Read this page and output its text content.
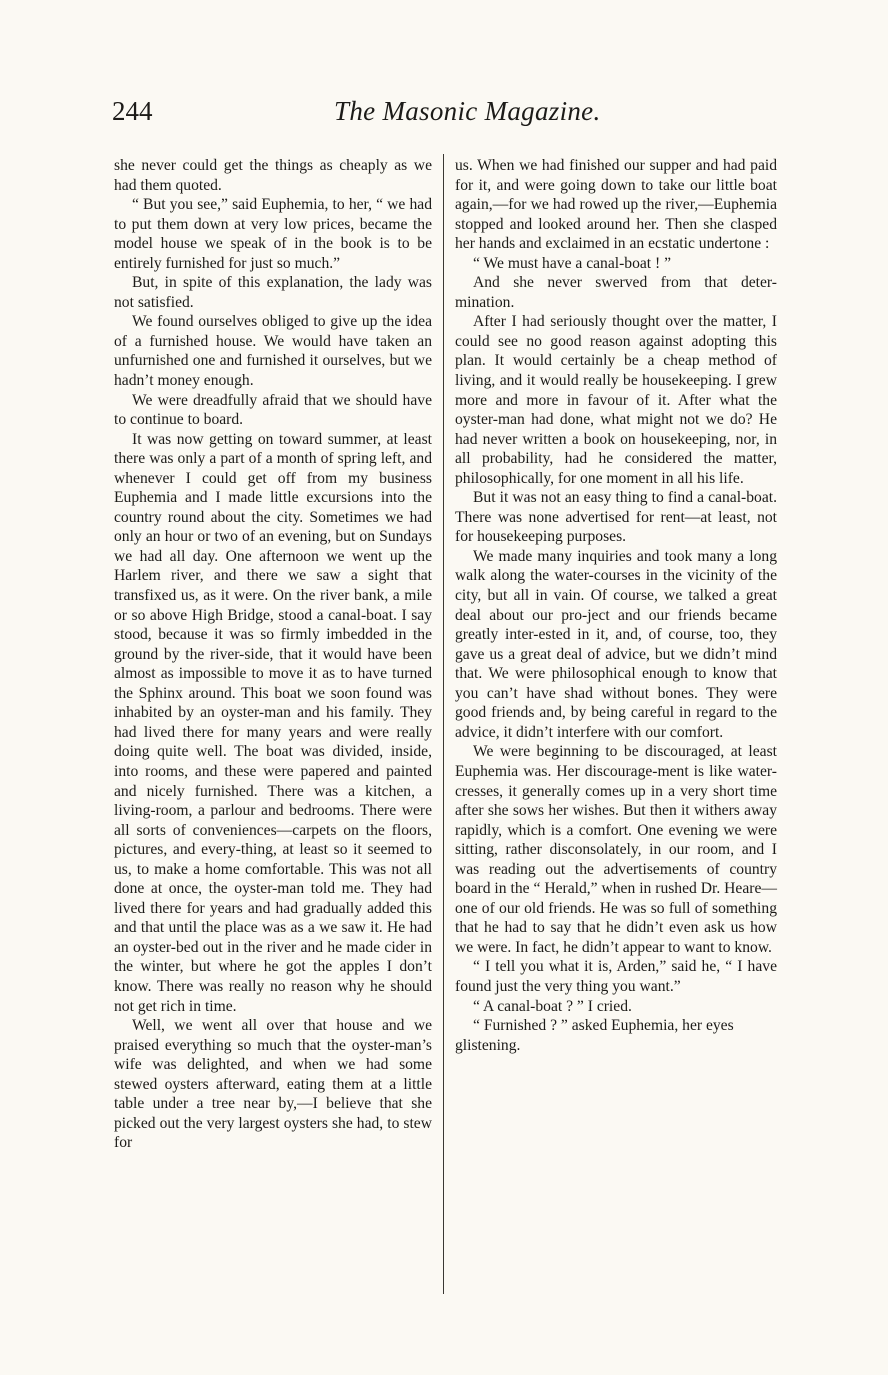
244	The Masonic Magazine.

she never could get the things as cheaply as we had them quoted.

“ But you see,” said Euphemia, to her, “ we had to put them down at very low prices, became the model house we speak of in the book is to be entirely furnished for just so much.”

But, in spite of this explanation, the lady was not satisfied.

We found ourselves obliged to give up the idea of a furnished house. We would have taken an unfurnished one and furnished it ourselves, but we hadn’t money enough.

We were dreadfully afraid that we should have to continue to board.

It was now getting on toward summer, at least there was only a part of a month of spring left, and whenever I could get off from my business Euphemia and I made little excursions into the country round about the city. Sometimes we had only an hour or two of an evening, but on Sundays we had all day. One afternoon we went up the Harlem river, and there we saw a sight that transfixed us, as it were. On the river bank, a mile or so above High Bridge, stood a canal-boat. I say stood, because it was so firmly imbedded in the ground by the river-side, that it would have been almost as impossible to move it as to have turned the Sphinx around. This boat we soon found was inhabited by an oyster-man and his family. They had lived there for many years and were really doing quite well. The boat was divided, inside, into rooms, and these were papered and painted and nicely furnished. There was a kitchen, a living-room, a parlour and bedrooms. There were all sorts of conveniences—carpets on the floors, pictures, and every-thing, at least so it seemed to us, to make a home comfortable. This was not all done at once, the oyster-man told me. They had lived there for years and had gradually added this and that until the place was as a we saw it. He had an oyster-bed out in the river and he made cider in the winter, but where he got the apples I don’t know. There was really no reason why he should not get rich in time.

Well, we went all over that house and we praised everything so much that the oyster-man’s wife was delighted, and when we had some stewed oysters afterward, eating them at a little table under a tree near by,—I believe that she picked out the very largest oysters she had, to stew for

us. When we had finished our supper and had paid for it, and were going down to take our little boat again,—for we had rowed up the river,—Euphemia stopped and looked around her. Then she clasped her hands and exclaimed in an ecstatic undertone :

“ We must have a canal-boat ! ”

And she never swerved from that deter-mination.

After I had seriously thought over the matter, I could see no good reason against adopting this plan. It would certainly be a cheap method of living, and it would really be housekeeping. I grew more and more in favour of it. After what the oyster-man had done, what might not we do? He had never written a book on housekeeping, nor, in all probability, had he considered the matter, philosophically, for one moment in all his life.

But it was not an easy thing to find a canal-boat. There was none advertised for rent—at least, not for housekeeping purposes.

We made many inquiries and took many a long walk along the water-courses in the vicinity of the city, but all in vain. Of course, we talked a great deal about our pro-ject and our friends became greatly inter-ested in it, and, of course, too, they gave us a great deal of advice, but we didn’t mind that. We were philosophical enough to know that you can’t have shad without bones. They were good friends and, by being careful in regard to the advice, it didn’t interfere with our comfort.

We were beginning to be discouraged, at least Euphemia was. Her discourage-ment is like water-cresses, it generally comes up in a very short time after she sows her wishes. But then it withers away rapidly, which is a comfort. One evening we were sitting, rather disconsolately, in our room, and I was reading out the advertisements of country board in the “ Herald,” when in rushed Dr. Heare—one of our old friends. He was so full of something that he had to say that he didn’t even ask us how we were. In fact, he didn’t appear to want to know.

“ I tell you what it is, Arden,” said he, “ I have found just the very thing you want.”

“ A canal-boat ? ” I cried.

“ Furnished ? ” asked Euphemia, her eyes glistening.
